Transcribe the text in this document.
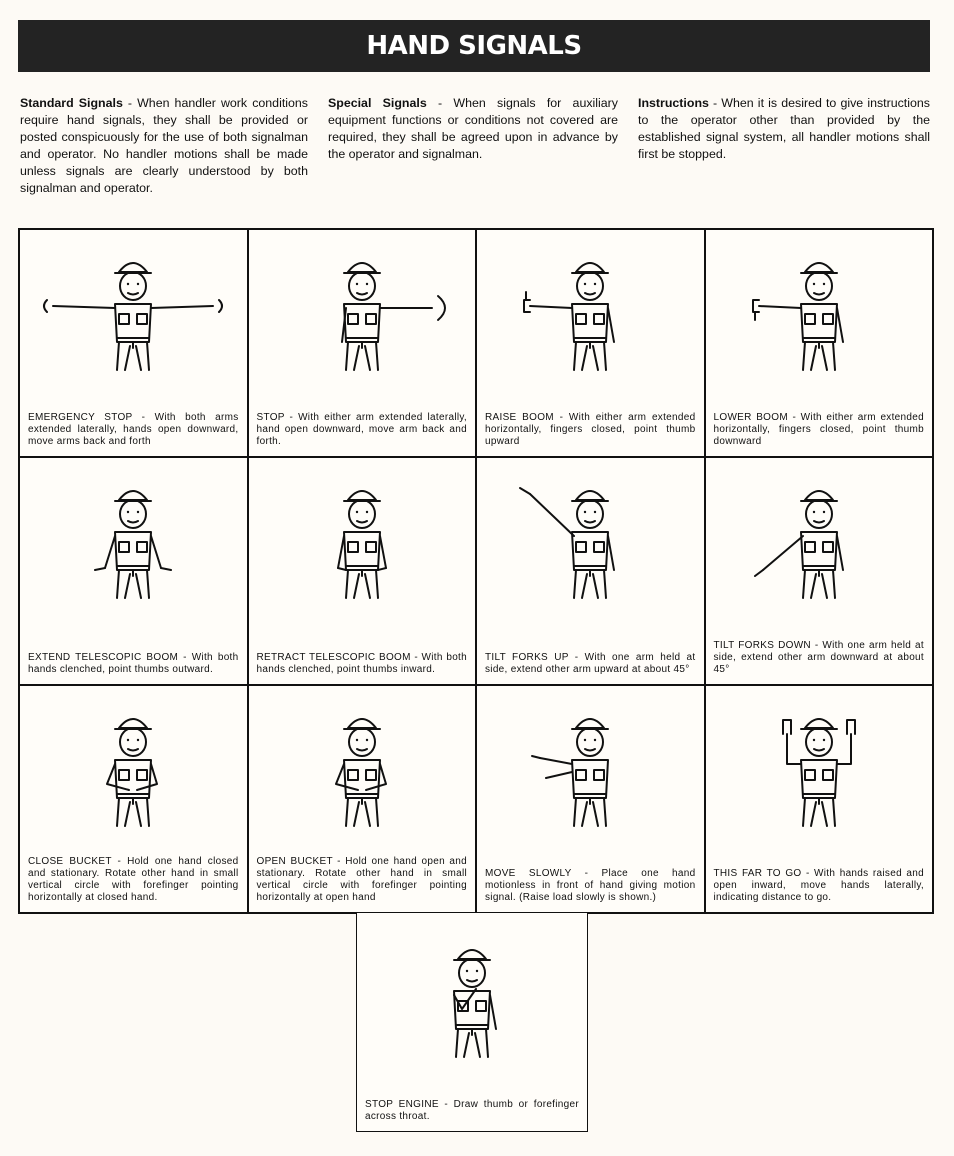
HAND SIGNALS
Standard Signals - When handler work conditions require hand signals, they shall be provided or posted conspicuously for the use of both signalman and operator. No handler motions shall be made unless signals are clearly understood by both signalman and operator.
Special Signals - When signals for auxiliary equipment functions or conditions not covered are required, they shall be agreed upon in advance by the operator and signalman.
Instructions - When it is desired to give instructions to the operator other than provided by the established signal system, all handler motions shall first be stopped.
EMERGENCY STOP - With both arms extended laterally, hands open downward, move arms back and forth
STOP - With either arm extended laterally, hand open downward, move arm back and forth.
RAISE BOOM - With either arm extended horizontally, fingers closed, point thumb upward
LOWER BOOM - With either arm extended horizontally, fingers closed, point thumb downward
EXTEND TELESCOPIC BOOM - With both hands clenched, point thumbs outward.
RETRACT TELESCOPIC BOOM - With both hands clenched, point thumbs inward.
TILT FORKS UP - With one arm held at side, extend other arm upward at about 45°
TILT FORKS DOWN - With one arm held at side, extend other arm downward at about 45°
CLOSE BUCKET - Hold one hand closed and stationary. Rotate other hand in small vertical circle with forefinger pointing horizontally at closed hand.
OPEN BUCKET - Hold one hand open and stationary. Rotate other hand in small vertical circle with forefinger pointing horizontally at open hand
MOVE SLOWLY - Place one hand motionless in front of hand giving motion signal. (Raise load slowly is shown.)
THIS FAR TO GO - With hands raised and open inward, move hands laterally, indicating distance to go.
STOP ENGINE - Draw thumb or forefinger across throat.
